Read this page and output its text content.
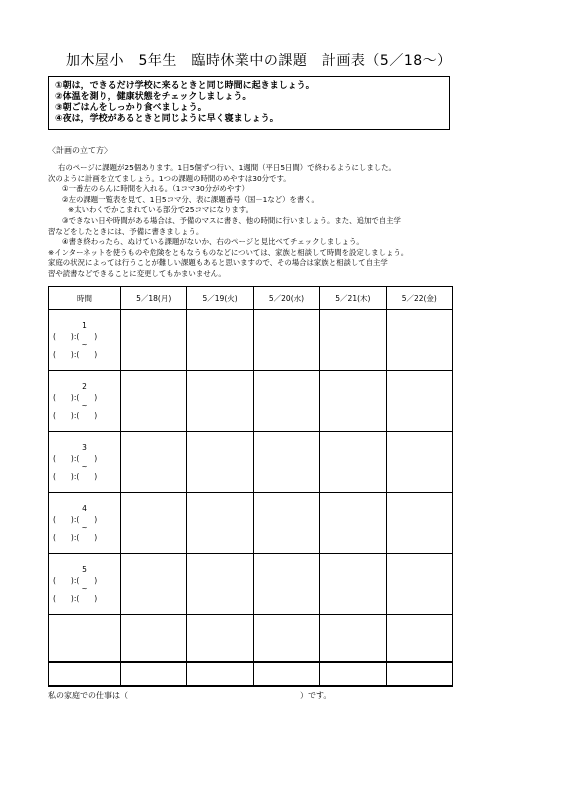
加木屋小　5年生　臨時休業中の課題　計画表（5／18～）
①朝は，できるだけ学校に来るときと同じ時間に起きましょう。
②体温を測り，健康状態をチェックしましょう。
③朝ごはんをしっかり食べましょう。
④夜は，学校があるときと同じように早く寝ましょう。
〈計画の立て方〉
右のページに課題が25個あります。1日5個ずつ行い、1週間（平日5日間）で終わるようにしました。
次のように計画を立てましょう。1つの課題の時間のめやすは30分です。
①一番左のらんに時間を入れる。（1コマ30分がめやす）
②左の課題一覧表を見て、1日5コマ分、表に課題番号（国－1など）を書く。
※太いわくでかこまれている部分で25コマになります。
③できない日や時間がある場合は、予備のマスに書き、他の時間に行いましょう。また、追加で自主学
習などをしたときには、予備に書きましょう。
④書き終わったら、ぬけている課題がないか、右のページと見比べてチェックしましょう。
※インターネットを使うものや危険をともなうものなどについては、家族と相談して時間を設定しましょう。
家庭の状況によっては行うことが難しい課題もあると思いますので、その場合は家族と相談して自主学
習や読書などできることに変更してもかまいません。
時間	5／18(月)	5／19(火)	5／20(水)	5／21(木)	5／22(金)

1
(　　):(　　)
~
(　　):(　　)					

2
(　　):(　　)
~
(　　):(　　)					

3
(　　):(　　)
~
(　　):(　　)					

4
(　　):(　　)
~
(　　):(　　)					

5
(　　):(　　)
~
(　　):(　　)					

私の家庭での仕事は（	）です。
